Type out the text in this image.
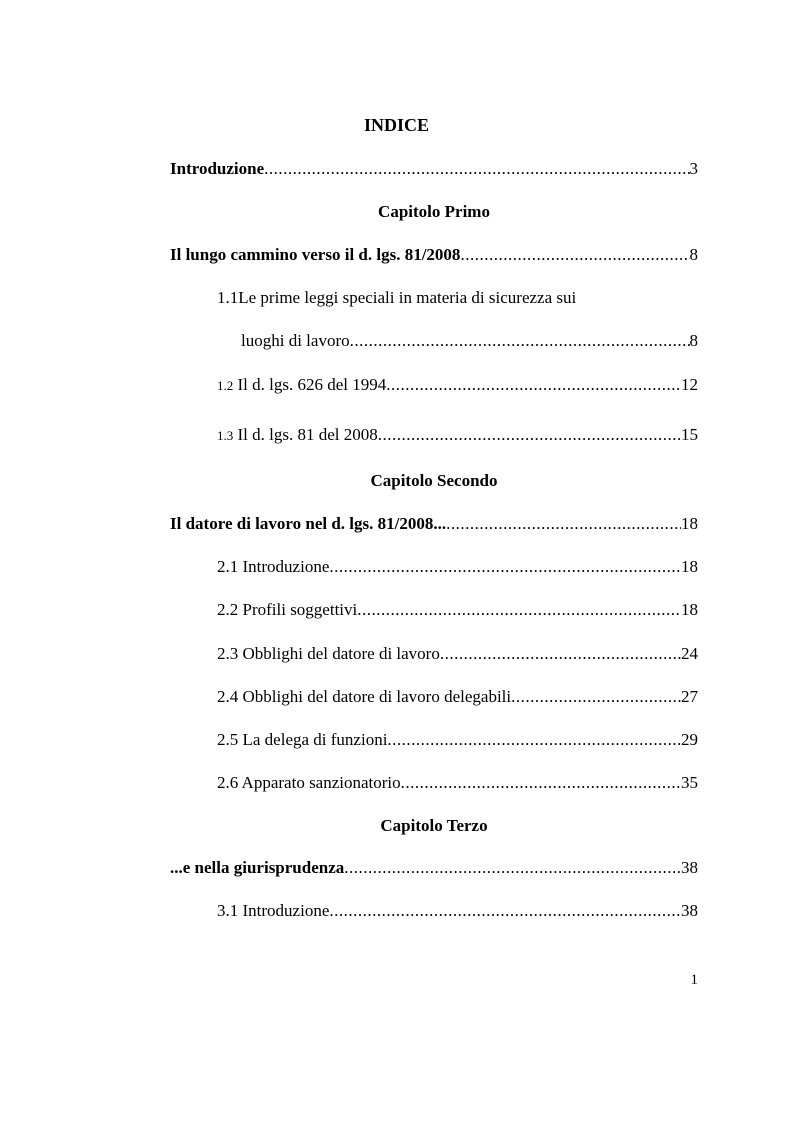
INDICE
Introduzione .....	3
Capitolo Primo
Il lungo cammino verso il d. lgs. 81/2008 .....	8
1.1Le prime leggi speciali in materia di sicurezza sui
luoghi di lavoro .....	8
1.2
Il d. lgs. 626 del 1994 .....	12
1.3
Il d. lgs. 81 del 2008 .....	15
Capitolo Secondo
Il datore di lavoro nel d. lgs. 81/2008... .....	18
2.1 Introduzione .....	18
2.2 Profili soggettivi .....	18
2.3 Obblighi del datore di lavoro .....	24
2.4 Obblighi del datore di lavoro delegabili .....	27
2.5 La delega di funzioni .....	29
2.6 Apparato sanzionatorio .....	35
Capitolo Terzo
...e nella giurisprudenza .....	38
3.1 Introduzione .....	38

1
